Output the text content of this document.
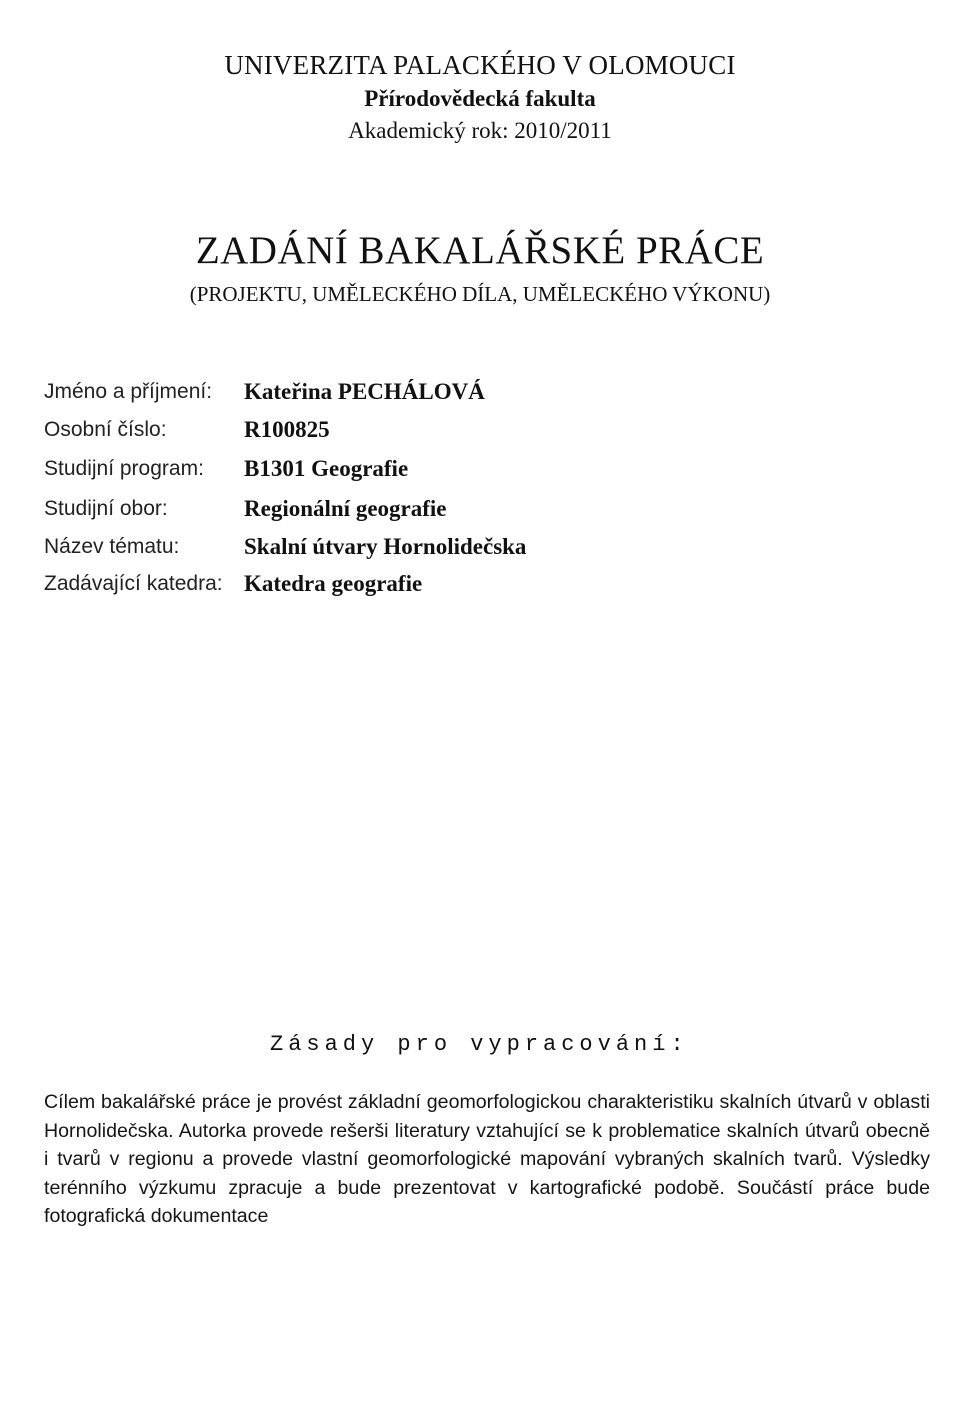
UNIVERZITA PALACKÉHO V OLOMOUCI
Přírodovědecká fakulta
Akademický rok: 2010/2011
ZADÁNÍ BAKALÁŘSKÉ PRÁCE
(PROJEKTU, UMĚLECKÉHO DÍLA, UMĚLECKÉHO VÝKONU)
Jméno a příjmení: Kateřina PECHÁLOVÁ
Osobní číslo:	R100825
Studijní program: B1301 Geografie
Studijní obor:	Regionální geografie
Název tématu:	Skalní útvary Hornolidečska
Zadávající katedra: Katedra geografie
Zásady pro vypracování:
Cílem bakalářské práce je provést základní geomorfologickou charakteristiku skalních útvarů v oblasti Hornolidečska. Autorka provede rešerši literatury vztahující se k problematice skalních útvarů obecně i tvarů v regionu a provede vlastní geomorfologické mapování vybraných skalních tvarů. Výsledky terénního výzkumu zpracuje a bude prezentovat v kartografické podobě. Součástí práce bude fotografická dokumentace
